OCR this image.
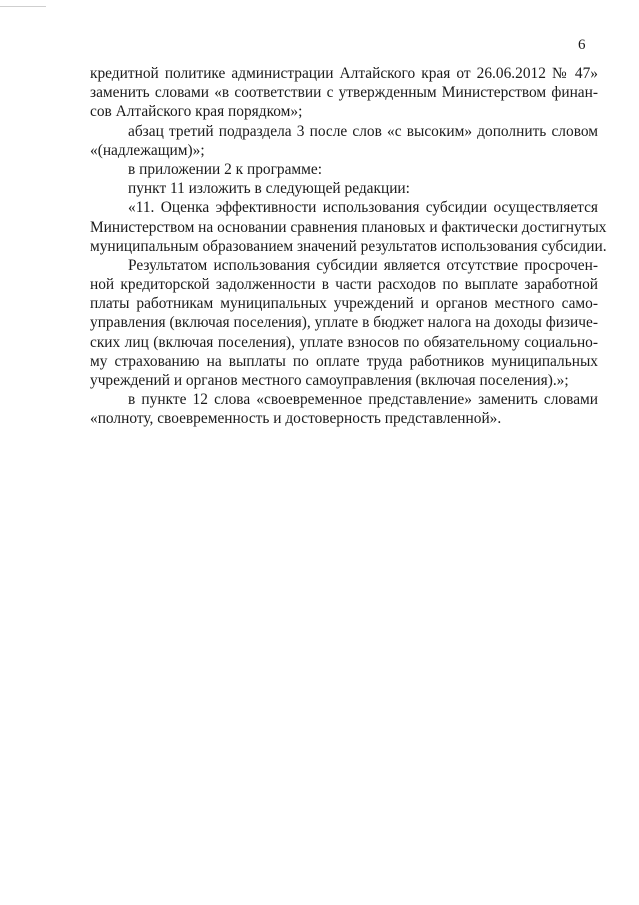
6
кредитной политике администрации Алтайского края от 26.06.2012 № 47»
заменить словами «в соответствии с утвержденным Министерством финан-
сов Алтайского края порядком»;
абзац третий подраздела 3 после слов «с высоким» дополнить словом
«(надлежащим)»;
в приложении 2 к программе:
пункт 11 изложить в следующей редакции:
«11. Оценка эффективности использования субсидии осуществляется
Министерством на основании сравнения плановых и фактически достигнутых
муниципальным образованием значений результатов использования субсидии.
Результатом использования субсидии является отсутствие просрочен-
ной кредиторской задолженности в части расходов по выплате заработной
платы работникам муниципальных учреждений и органов местного само-
управления (включая поселения), уплате в бюджет налога на доходы физиче-
ских лиц (включая поселения), уплате взносов по обязательному социально-
му страхованию на выплаты по оплате труда работников муниципальных
учреждений и органов местного самоуправления (включая поселения).»;
в пункте 12 слова «своевременное представление» заменить словами
«полноту, своевременность и достоверность представленной».
